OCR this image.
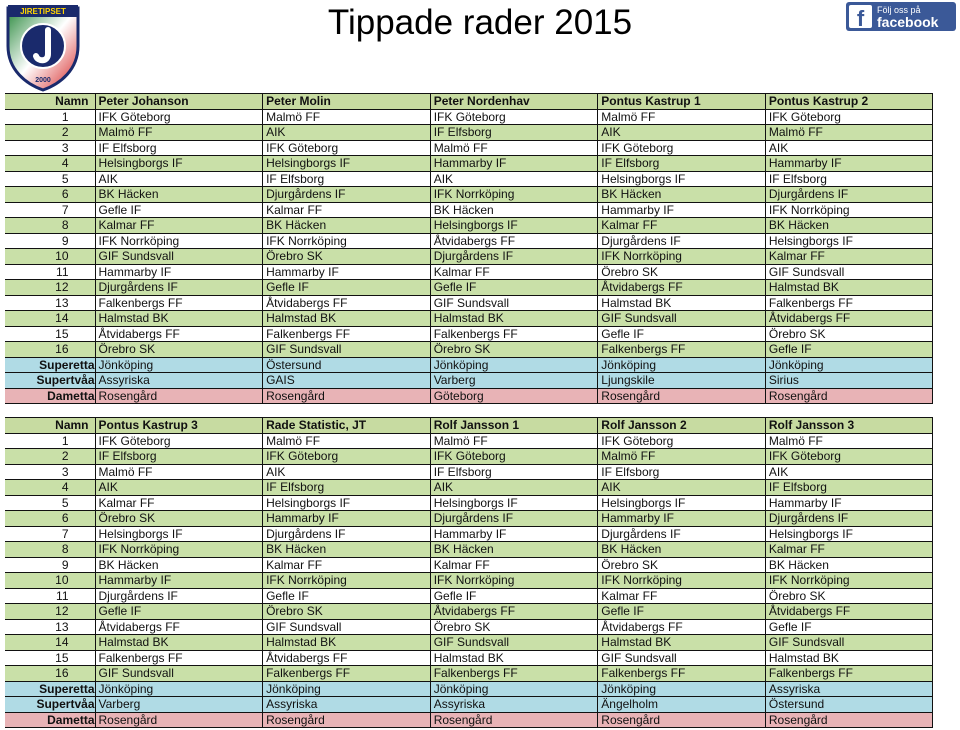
JIRETIPSET
2000
Tippade rader 2015	f Följ oss på
facebook
Namn	Peter Johanson	Peter Molin	Peter Nordenhav	Pontus Kastrup 1	Pontus Kastrup 2
1	IFK Göteborg	Malmö FF	IFK Göteborg	Malmö FF	IFK Göteborg
2	Malmö FF	AIK	IF Elfsborg	AIK	Malmö FF
3	IF Elfsborg	IFK Göteborg	Malmö FF	IFK Göteborg	AIK
4	Helsingborgs IF	Helsingborgs IF	Hammarby IF	IF Elfsborg	Hammarby IF
5	AIK	IF Elfsborg	AIK	Helsingborgs IF	IF Elfsborg
6	BK Häcken	Djurgårdens IF	IFK Norrköping	BK Häcken	Djurgårdens IF
7	Gefle IF	Kalmar FF	BK Häcken	Hammarby IF	IFK Norrköping
8	Kalmar FF	BK Häcken	Helsingborgs IF	Kalmar FF	BK Häcken
9	IFK Norrköping	IFK Norrköping	Åtvidabergs FF	Djurgårdens IF	Helsingborgs IF
10	GIF Sundsvall	Örebro SK	Djurgårdens IF	IFK Norrköping	Kalmar FF
11	Hammarby IF	Hammarby IF	Kalmar FF	Örebro SK	GIF Sundsvall
12	Djurgårdens IF	Gefle IF	Gefle IF	Åtvidabergs FF	Halmstad BK
13	Falkenbergs FF	Åtvidabergs FF	GIF Sundsvall	Halmstad BK	Falkenbergs FF
14	Halmstad BK	Halmstad BK	Halmstad BK	GIF Sundsvall	Åtvidabergs FF
15	Åtvidabergs FF	Falkenbergs FF	Falkenbergs FF	Gefle IF	Örebro SK
16	Örebro SK	GIF Sundsvall	Örebro SK	Falkenbergs FF	Gefle IF
Superetta	Jönköping	Östersund	Jönköping	Jönköping	Jönköping
Supertvåa	Assyriska	GAIS	Varberg	Ljungskile	Sirius
Dametta	Rosengård	Rosengård	Göteborg	Rosengård	Rosengård
Namn	Pontus Kastrup 3	Rade Statistic, JT	Rolf Jansson 1	Rolf Jansson 2	Rolf Jansson 3
1	IFK Göteborg	Malmö FF	Malmö FF	IFK Göteborg	Malmö FF
2	IF Elfsborg	IFK Göteborg	IFK Göteborg	Malmö FF	IFK Göteborg
3	Malmö FF	AIK	IF Elfsborg	IF Elfsborg	AIK
4	AIK	IF Elfsborg	AIK	AIK	IF Elfsborg
5	Kalmar FF	Helsingborgs IF	Helsingborgs IF	Helsingborgs IF	Hammarby IF
6	Örebro SK	Hammarby IF	Djurgårdens IF	Hammarby IF	Djurgårdens IF
7	Helsingborgs IF	Djurgårdens IF	Hammarby IF	Djurgårdens IF	Helsingborgs IF
8	IFK Norrköping	BK Häcken	BK Häcken	BK Häcken	Kalmar FF
9	BK Häcken	Kalmar FF	Kalmar FF	Örebro SK	BK Häcken
10	Hammarby IF	IFK Norrköping	IFK Norrköping	IFK Norrköping	IFK Norrköping
11	Djurgårdens IF	Gefle IF	Gefle IF	Kalmar FF	Örebro SK
12	Gefle IF	Örebro SK	Åtvidabergs FF	Gefle IF	Åtvidabergs FF
13	Åtvidabergs FF	GIF Sundsvall	Örebro SK	Åtvidabergs FF	Gefle IF
14	Halmstad BK	Halmstad BK	GIF Sundsvall	Halmstad BK	GIF Sundsvall
15	Falkenbergs FF	Åtvidabergs FF	Halmstad BK	GIF Sundsvall	Halmstad BK
16	GIF Sundsvall	Falkenbergs FF	Falkenbergs FF	Falkenbergs FF	Falkenbergs FF
Superetta	Jönköping	Jönköping	Jönköping	Jönköping	Assyriska
Supertvåa	Varberg	Assyriska	Assyriska	Ängelholm	Östersund
Dametta	Rosengård	Rosengård	Rosengård	Rosengård	Rosengård
